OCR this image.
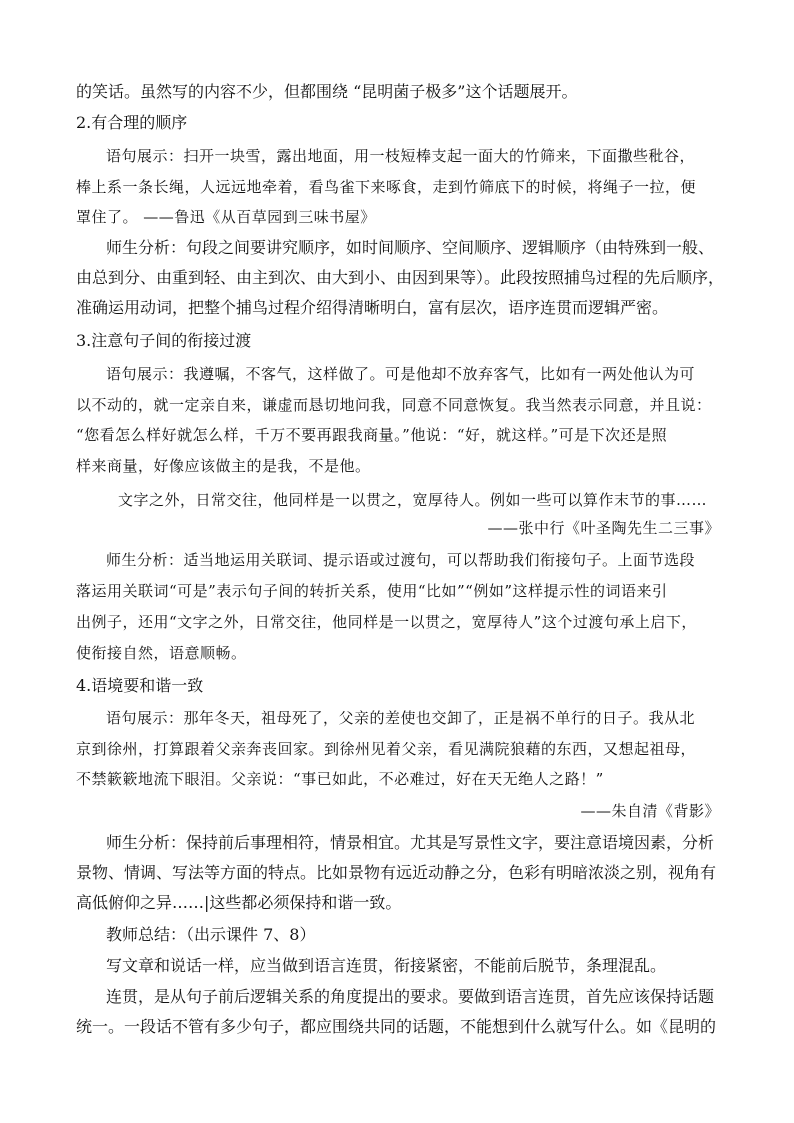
的笑话。虽然写的内容不少，但都围绕 “昆明菌子极多”这个话题展开。
2.有合理的顺序
语句展示：扫开一块雪，露出地面，用一枝短棒支起一面大的竹筛来，下面撒些秕谷，
棒上系一条长绳，人远远地牵着，看鸟雀下来啄食，走到竹筛底下的时候，将绳子一拉，便
罩住了。 ——鲁迅《从百草园到三味书屋》
师生分析：句段之间要讲究顺序，如时间顺序、空间顺序、逻辑顺序（由特殊到一般、
由总到分、由重到轻、由主到次、由大到小、由因到果等）。此段按照捕鸟过程的先后顺序，
准确运用动词，把整个捕鸟过程介绍得清晰明白，富有层次，语序连贯而逻辑严密。
3.注意句子间的衔接过渡
语句展示：我遵嘱，不客气，这样做了。可是他却不放弃客气，比如有一两处他认为可
以不动的，就一定亲自来，谦虚而恳切地问我，同意不同意恢复。我当然表示同意，并且说：
“您看怎么样好就怎么样，千万不要再跟我商量。”他说：“好，就这样。”可是下次还是照
样来商量，好像应该做主的是我，不是他。
文字之外，日常交往，他同样是一以贯之，宽厚待人。例如一些可以算作末节的事……
——张中行《叶圣陶先生二三事》
师生分析：适当地运用关联词、提示语或过渡句，可以帮助我们衔接句子。上面节选段
落运用关联词“可是”表示句子间的转折关系，使用“比如”“例如”这样提示性的词语来引
出例子，还用“文字之外，日常交往，他同样是一以贯之，宽厚待人”这个过渡句承上启下，
使衔接自然，语意顺畅。
4.语境要和谐一致
语句展示：那年冬天，祖母死了，父亲的差使也交卸了，正是祸不单行的日子。我从北
京到徐州，打算跟着父亲奔丧回家。到徐州见着父亲，看见满院狼藉的东西，又想起祖母，
不禁簌簌地流下眼泪。父亲说：“事已如此，不必难过，好在天无绝人之路！”
——朱自清《背影》
师生分析：保持前后事理相符，情景相宜。尤其是写景性文字，要注意语境因素，分析
景物、情调、写法等方面的特点。比如景物有远近动静之分，色彩有明暗浓淡之别，视角有
高低俯仰之异……|这些都必须保持和谐一致。
教师总结：（出示课件 7、8）
写文章和说话一样，应当做到语言连贯，衔接紧密，不能前后脱节，条理混乱。
连贯，是从句子前后逻辑关系的角度提出的要求。要做到语言连贯，首先应该保持话题
统一。一段话不管有多少句子，都应围绕共同的话题，不能想到什么就写什么。如《昆明的
